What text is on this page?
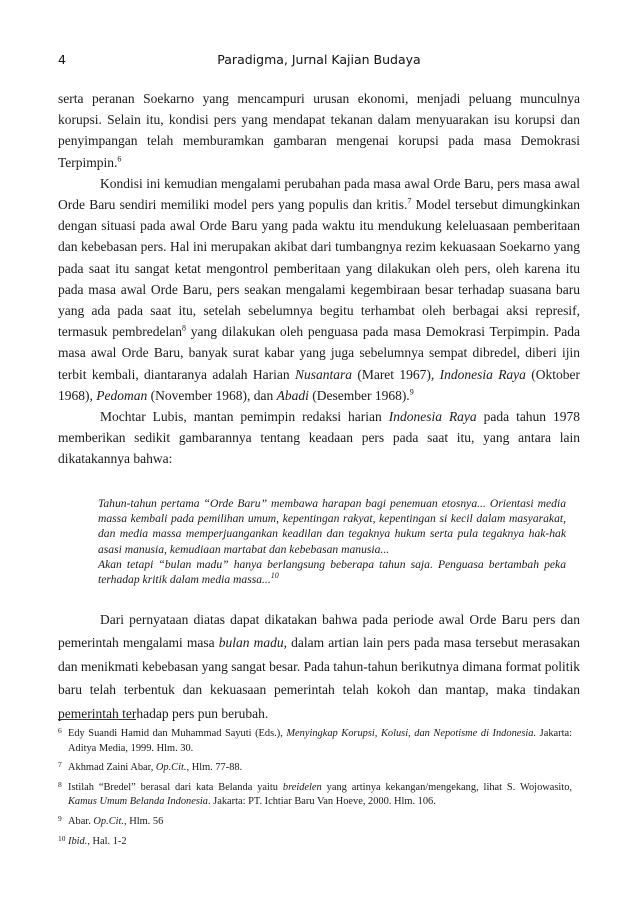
4	Paradigma, Jurnal Kajian Budaya

serta peranan Soekarno yang mencampuri urusan ekonomi, menjadi peluang munculnya korupsi. Selain itu, kondisi pers yang mendapat tekanan dalam menyuarakan isu korupsi dan penyimpangan telah memburamkan gambaran mengenai korupsi pada masa Demokrasi Terpimpin.$^6$

Kondisi ini kemudian mengalami perubahan pada masa awal Orde Baru, pers masa awal Orde Baru sendiri memiliki model pers yang populis dan kritis.$^7$ Model tersebut dimungkinkan dengan situasi pada awal Orde Baru yang pada waktu itu mendukung keleluasaan pemberitaan dan kebebasan pers. Hal ini merupakan akibat dari tumbangnya rezim kekuasaan Soekarno yang pada saat itu sangat ketat mengontrol pemberitaan yang dilakukan oleh pers, oleh karena itu pada masa awal Orde Baru, pers seakan mengalami kegembiraan besar terhadap suasana baru yang ada pada saat itu, setelah sebelumnya begitu terhambat oleh berbagai aksi represif, termasuk pembredelan$^8$ yang dilakukan oleh penguasa pada masa Demokrasi Terpimpin. Pada masa awal Orde Baru, banyak surat kabar yang juga sebelumnya sempat dibredel, diberi ijin terbit kembali, diantaranya adalah Harian Nusantara (Maret 1967), Indonesia Raya (Oktober 1968), Pedoman (November 1968), dan Abadi (Desember 1968).$^9$

Mochtar Lubis, mantan pemimpin redaksi harian Indonesia Raya pada tahun 1978 memberikan sedikit gambarannya tentang keadaan pers pada saat itu, yang antara lain dikatakannya bahwa:

Tahun-tahun pertama “Orde Baru” membawa harapan bagi penemuan etosnya... Orientasi media massa kembali pada pemilihan umum, kepentingan rakyat, kepentingan si kecil dalam masyarakat, dan media massa memperjuangankan keadilan dan tegaknya hukum serta pula tegaknya hak-hak asasi manusia, kemudiaan martabat dan kebebasan manusia...

Akan tetapi “bulan madu” hanya berlangsung beberapa tahun saja. Penguasa bertambah peka terhadap kritik dalam media massa...$^{10}$

Dari pernyataan diatas dapat dikatakan bahwa pada periode awal Orde Baru pers dan pemerintah mengalami masa bulan madu, dalam artian lain pers pada masa tersebut merasakan dan menikmati kebebasan yang sangat besar. Pada tahun-tahun berikutnya dimana format politik baru telah terbentuk dan kekuasaan pemerintah telah kokoh dan mantap, maka tindakan pemerintah terhadap pers pun berubah.

6 Edy Suandi Hamid dan Muhammad Sayuti (Eds.), Menyingkap Korupsi, Kolusi, dan Nepotisme di Indonesia. Jakarta: Aditya Media, 1999. Hlm. 30.

7 Akhmad Zaini Abar, Op.Cit., Hlm. 77-88.

8 Istilah “Bredel” berasal dari kata Belanda yaitu breidelen yang artinya kekangan/mengekang, lihat S. Wojowasito, Kamus Umum Belanda Indonesia. Jakarta: PT. Ichtiar Baru Van Hoeve, 2000. Hlm. 106.

9 Abar. Op.Cit., Hlm. 56

10 Ibid., Hal. 1-2
